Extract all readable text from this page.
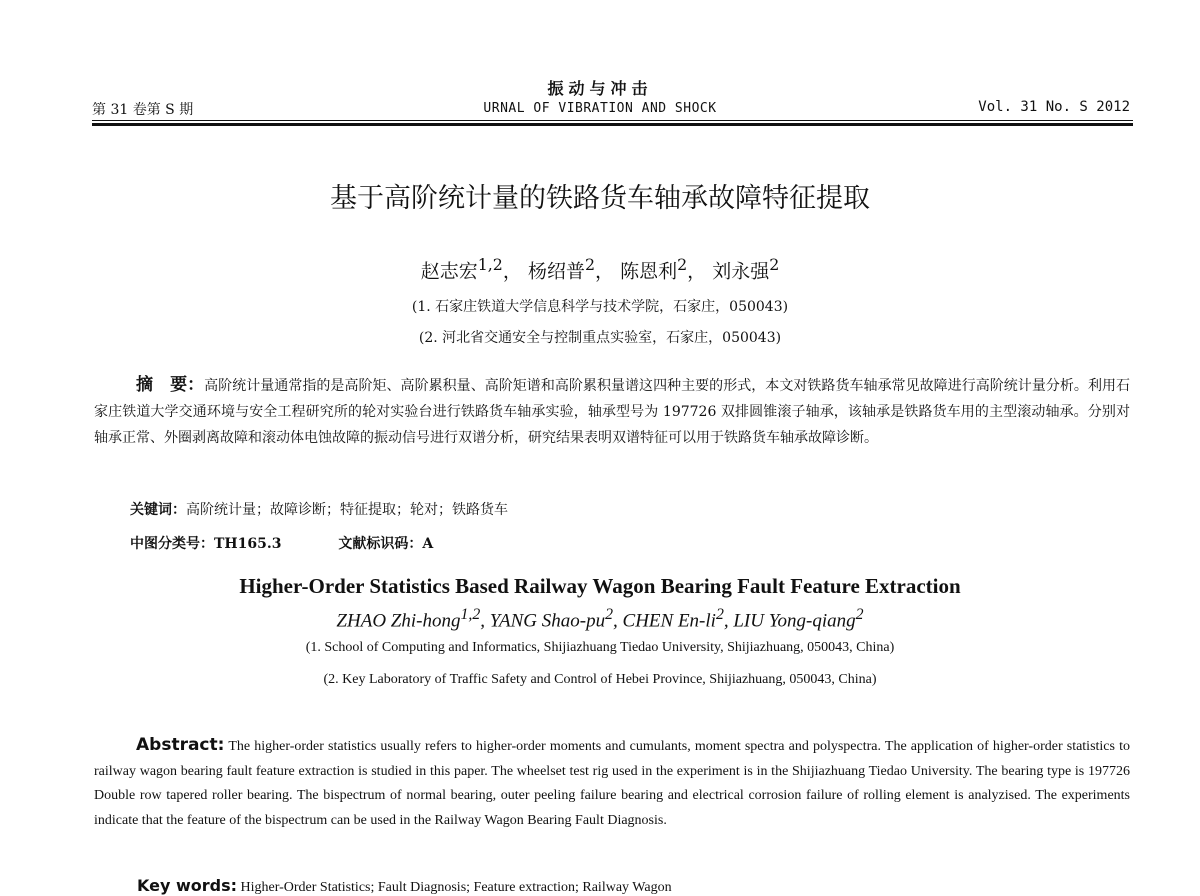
振动与冲击
第 31 卷第 S 期	URNAL OF VIBRATION AND SHOCK	Vol. 31 No. S 2012
基于高阶统计量的铁路货车轴承故障特征提取
赵志宏$^{1,2}$， 杨绍普$^2$， 陈恩利$^2$， 刘永强$^2$
(1. 石家庄铁道大学信息科学与技术学院，石家庄，050043)
(2. 河北省交通安全与控制重点实验室，石家庄，050043)
摘　要：高阶统计量通常指的是高阶矩、高阶累积量、高阶矩谱和高阶累积量谱这四种主要的形式，本文对铁路货车轴承常见故障进行高阶统计量分析。利用石家庄铁道大学交通环境与安全工程研究所的轮对实验台进行铁路货车轴承实验，轴承型号为 197726 双排圆锥滚子轴承，该轴承是铁路货车用的主型滚动轴承。分别对轴承正常、外圈剥离故障和滚动体电蚀故障的振动信号进行双谱分析，研究结果表明双谱特征可以用于铁路货车轴承故障诊断。
关键词：高阶统计量；故障诊断；特征提取；轮对；铁路货车
中图分类号：TH165.3	文献标识码：A
Higher-Order Statistics Based Railway Wagon Bearing Fault Feature Extraction
ZHAO Zhi-hong$^{1,2}$, YANG Shao-$pu^2$, CHEN $En-li^2$, LIU Yong-qiang$^2$
(1. School of Computing and Informatics, Shijiazhuang Tiedao University, Shijiazhuang, 050043, China)
(2. Key Laboratory of Traffic Safety and Control of Hebei Province, Shijiazhuang, 050043, China)
Abstract: The higher-order statistics usually refers to higher-order moments and cumulants, moment spectra and polyspectra. The application of higher-order statistics to railway wagon bearing fault feature extraction is studied in this paper. The wheelset test rig used in the experiment is in the Shijiazhuang Tiedao University. The bearing type is 197726 Double row tapered roller bearing. The bispectrum of normal bearing, outer peeling failure bearing and electrical corrosion failure of rolling element is analyzised. The experiments indicate that the feature of the bispectrum can be used in the Railway Wagon Bearing Fault Diagnosis.
Key words: Higher-Order Statistics; Fault Diagnosis; Feature extraction; Railway Wagon
